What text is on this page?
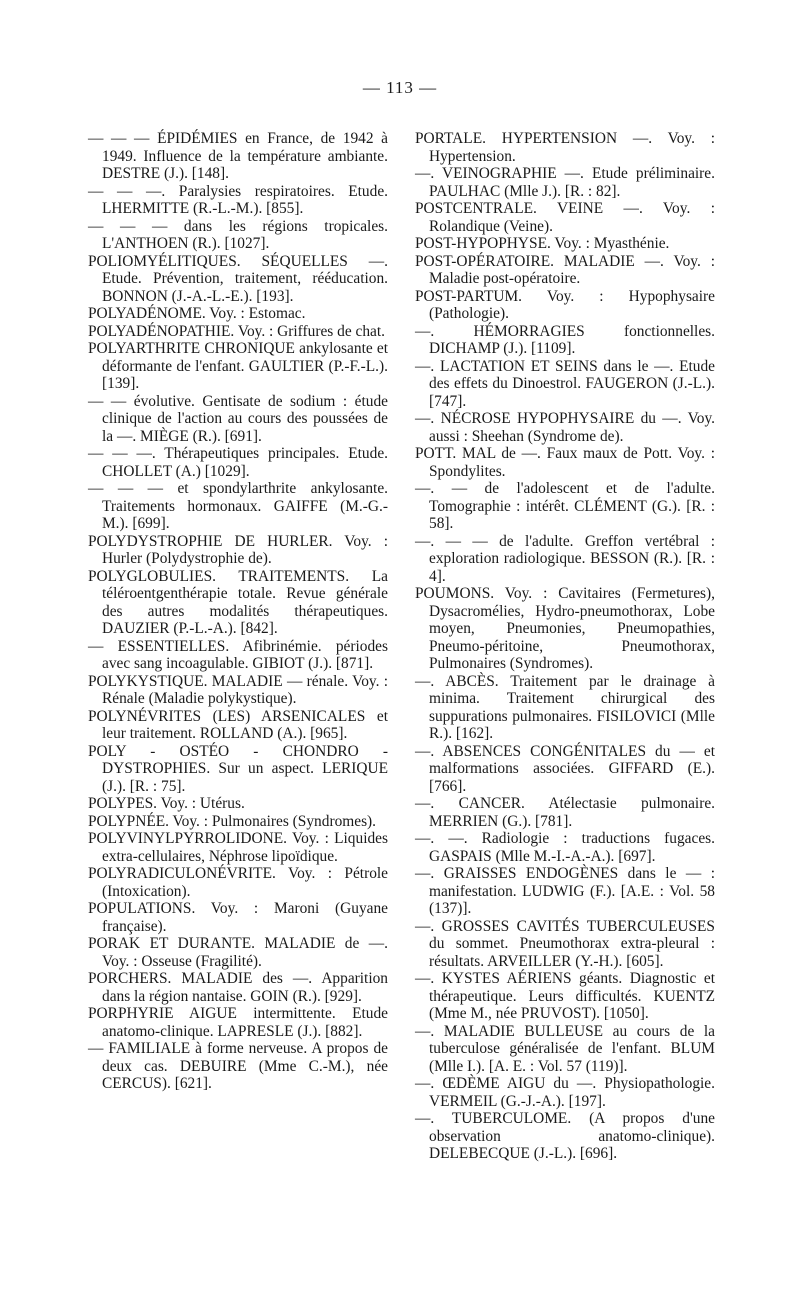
— 113 —

— — — ÉPIDÉMIES en France, de 1942 à 1949. Influence de la température ambiante. DESTRE (J.). [148].

— — —. Paralysies respiratoires. Etude. LHERMITTE (R.-L.-M.). [855].

— — — dans les régions tropicales. L'ANTHOEN (R.). [1027].

POLIOMYÉLITIQUES. SÉQUELLES —. Etude. Prévention, traitement, rééducation. BONNON (J.-A.-L.-E.). [193].

POLYADÉNOME. Voy. : Estomac.

POLYADÉNOPATHIE. Voy. : Griffures de chat.

POLYARTHRITE CHRONIQUE ankylosante et déformante de l'enfant. GAULTIER (P.-F.-L.). [139].

— — évolutive. Gentisate de sodium : étude clinique de l'action au cours des poussées de la —. MIÈGE (R.). [691].

— — —. Thérapeutiques principales. Etude. CHOLLET (A.) [1029].

— — — et spondylarthrite ankylosante. Traitements hormonaux. GAIFFE (M.-G.-M.). [699].

POLYDYSTROPHIE DE HURLER. Voy. : Hurler (Polydystrophie de).

POLYGLOBULIES. TRAITEMENTS. La téléroentgenthérapie totale. Revue générale des autres modalités thérapeutiques. DAUZIER (P.-L.-A.). [842].

— ESSENTIELLES. Afibrinémie. périodes avec sang incoagulable. GIBIOT (J.). [871].

POLYKYSTIQUE. MALADIE — rénale. Voy. : Rénale (Maladie polykystique).

POLYNÉVRITES (LES) ARSENICALES et leur traitement. ROLLAND (A.). [965].

POLY - OSTÉO - CHONDRO - DYSTROPHIES. Sur un aspect. LERIQUE (J.). [R. : 75].

POLYPES. Voy. : Utérus.

POLYPNÉE. Voy. : Pulmonaires (Syndromes).

POLYVINYLPYRROLIDONE. Voy. : Liquides extra-cellulaires, Néphrose lipoïdique.

POLYRADICULONÉVRITE. Voy. : Pétrole (Intoxication).

POPULATIONS. Voy. : Maroni (Guyane française).

PORAK ET DURANTE. MALADIE de —. Voy. : Osseuse (Fragilité).

PORCHERS. MALADIE des —. Apparition dans la région nantaise. GOIN (R.). [929].

PORPHYRIE AIGUE intermittente. Etude anatomo-clinique. LAPRESLE (J.). [882].

— FAMILIALE à forme nerveuse. A propos de deux cas. DEBUIRE (Mme C.-M.), née CERCUS). [621].

PORTALE. HYPERTENSION —. Voy. : Hypertension.

—. VEINOGRAPHIE —. Etude préliminaire. PAULHAC (Mlle J.). [R. : 82].

POSTCENTRALE. VEINE —. Voy. : Rolandique (Veine).

POST-HYPOPHYSE. Voy. : Myasthénie.

POST-OPÉRATOIRE. MALADIE —. Voy. : Maladie post-opératoire.

POST-PARTUM. Voy. : Hypophysaire (Pathologie).

—. HÉMORRAGIES fonctionnelles. DICHAMP (J.). [1109].

—. LACTATION ET SEINS dans le —. Etude des effets du Dinoestrol. FAUGERON (J.-L.). [747].

—. NÉCROSE HYPOPHYSAIRE du —. Voy. aussi : Sheehan (Syndrome de).

POTT. MAL de —. Faux maux de Pott. Voy. : Spondylites.

—. — de l'adolescent et de l'adulte. Tomographie : intérêt. CLÉMENT (G.). [R. : 58].

—. — — de l'adulte. Greffon vertébral : exploration radiologique. BESSON (R.). [R. : 4].

POUMONS. Voy. : Cavitaires (Fermetures), Dysacromélies, Hydro-pneumothorax, Lobe moyen, Pneumonies, Pneumopathies, Pneumo-péritoine, Pneumothorax, Pulmonaires (Syndromes).

—. ABCÈS. Traitement par le drainage à minima. Traitement chirurgical des suppurations pulmonaires. FISILOVICI (Mlle R.). [162].

—. ABSENCES CONGÉNITALES du — et malformations associées. GIFFARD (E.). [766].

—. CANCER. Atélectasie pulmonaire. MERRIEN (G.). [781].

—. —. Radiologie : traductions fugaces. GASPAIS (Mlle M.-I.-A.-A.). [697].

—. GRAISSES ENDOGÈNES dans le — : manifestation. LUDWIG (F.). [A.E. : Vol. 58 (137)].

—. GROSSES CAVITÉS TUBERCULEUSES du sommet. Pneumothorax extra-pleural : résultats. ARVEILLER (Y.-H.). [605].

—. KYSTES AÉRIENS géants. Diagnostic et thérapeutique. Leurs difficultés. KUENTZ (Mme M., née PRUVOST). [1050].

—. MALADIE BULLEUSE au cours de la tuberculose généralisée de l'enfant. BLUM (Mlle I.). [A. E. : Vol. 57 (119)].

—. ŒDÈME AIGU du —. Physiopathologie. VERMEIL (G.-J.-A.). [197].

—. TUBERCULOME. (A propos d'une observation anatomo-clinique). DELEBECQUE (J.-L.). [696].
